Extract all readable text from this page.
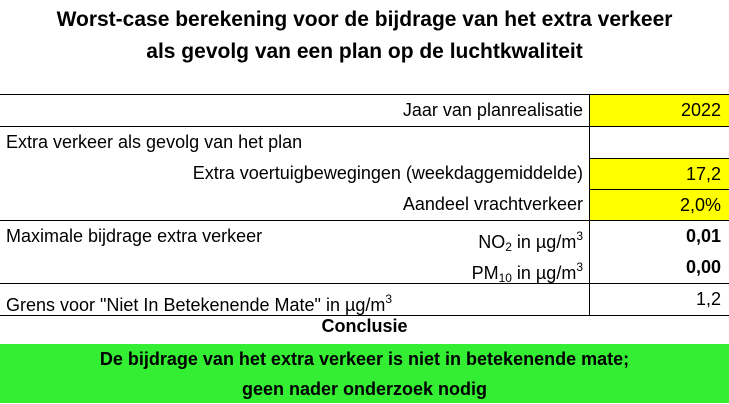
Worst-case berekening voor de bijdrage van het extra verkeer
als gevolg van een plan op de luchtkwaliteit
Jaar van planrealisatie	2022
Extra verkeer als gevolg van het plan
Extra voertuigbewegingen (weekdaggemiddelde)	17,2
Aandeel vrachtverkeer	2,0%
Maximale bijdrage extra verkeer	$NO_2$ in $\mu g/m^3$	0,01
$PM_{10}$ in $\mu g/m^3$	0,00
Grens voor "Niet In Betekenende Mate" in $\mu g/m^3$	1,2
Conclusie
De bijdrage van het extra verkeer is niet in betekenende mate;
geen nader onderzoek nodig
